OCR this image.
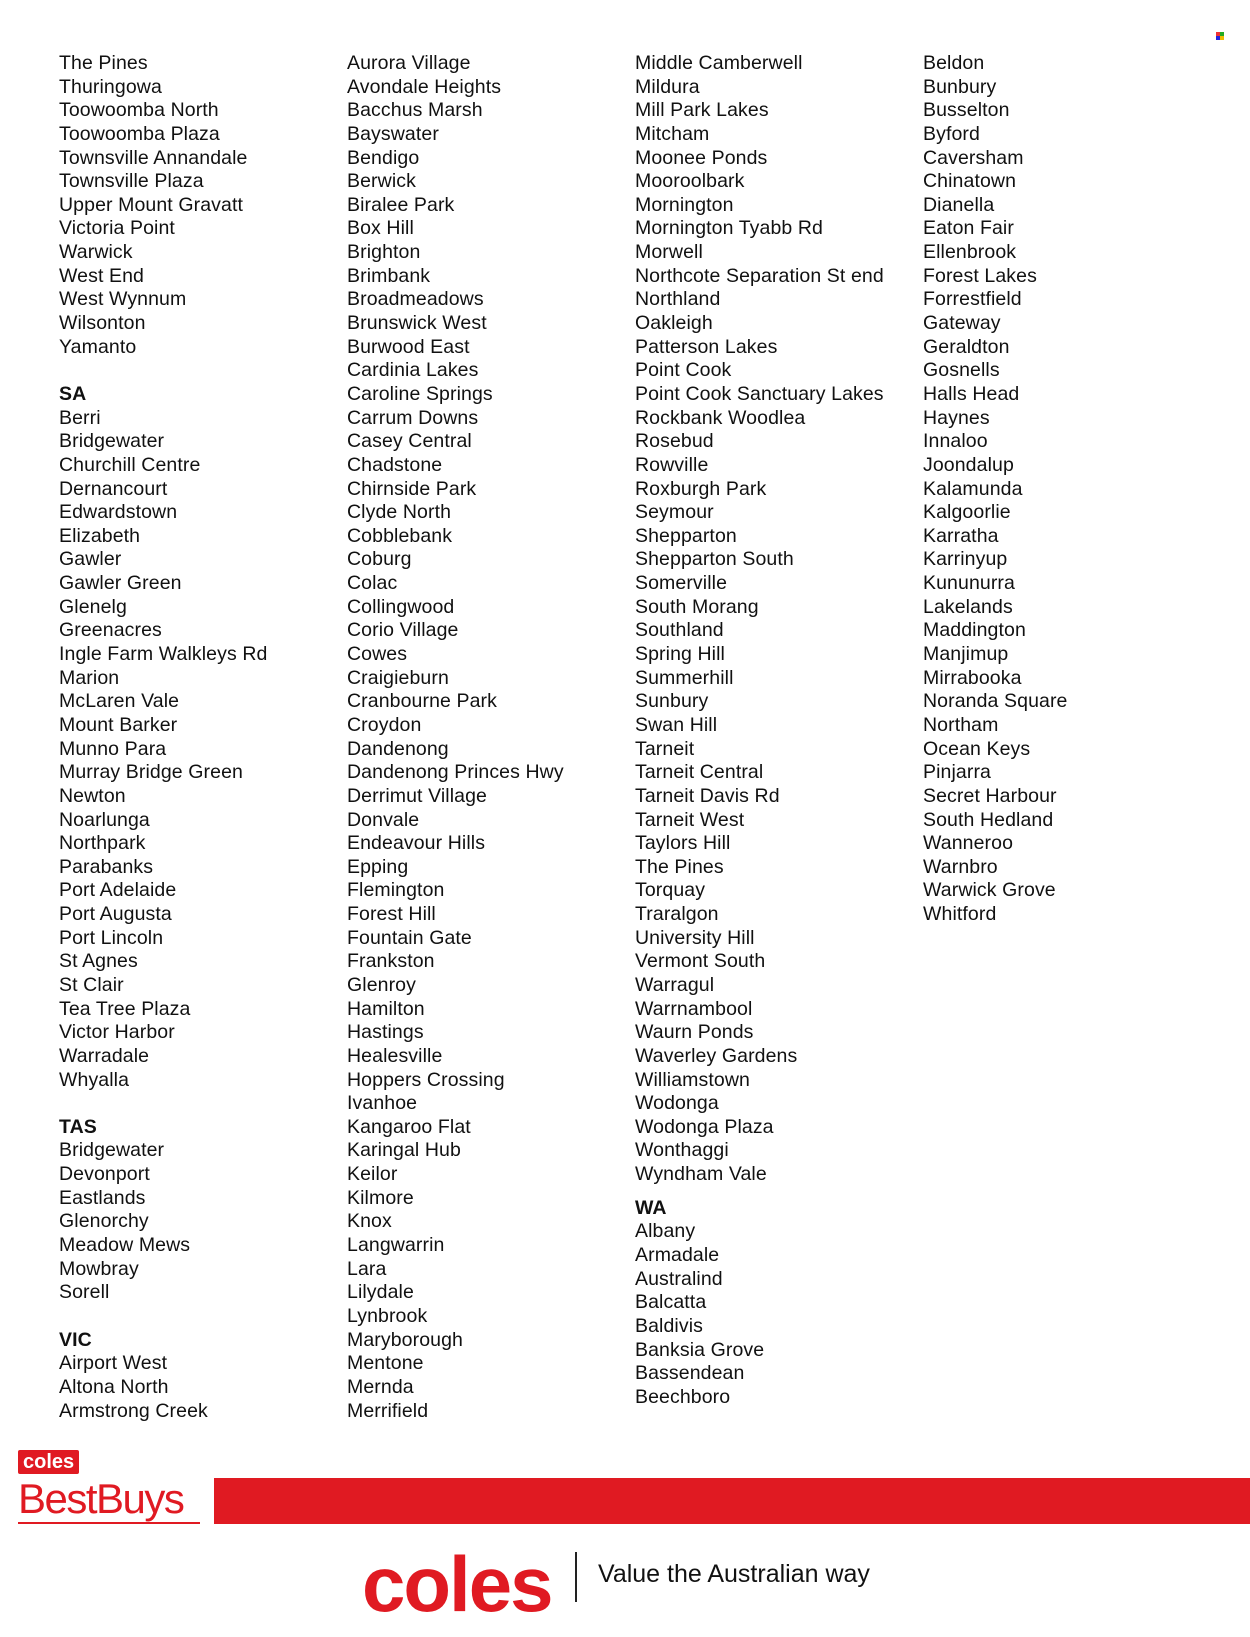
The Pines
Thuringowa
Toowoomba North
Toowoomba Plaza
Townsville Annandale
Townsville Plaza
Upper Mount Gravatt
Victoria Point
Warwick
West End
West Wynnum
Wilsonton
Yamanto
SA
Berri
Bridgewater
Churchill Centre
Dernancourt
Edwardstown
Elizabeth
Gawler
Gawler Green
Glenelg
Greenacres
Ingle Farm Walkleys Rd
Marion
McLaren Vale
Mount Barker
Munno Para
Murray Bridge Green
Newton
Noarlunga
Northpark
Parabanks
Port Adelaide
Port Augusta
Port Lincoln
St Agnes
St Clair
Tea Tree Plaza
Victor Harbor
Warradale
Whyalla
TAS
Bridgewater
Devonport
Eastlands
Glenorchy
Meadow Mews
Mowbray
Sorell
VIC
Airport West
Altona North
Armstrong Creek
Aurora Village
Avondale Heights
Bacchus Marsh
Bayswater
Bendigo
Berwick
Biralee Park
Box Hill
Brighton
Brimbank
Broadmeadows
Brunswick West
Burwood East
Cardinia Lakes
Caroline Springs
Carrum Downs
Casey Central
Chadstone
Chirnside Park
Clyde North
Cobblebank
Coburg
Colac
Collingwood
Corio Village
Cowes
Craigieburn
Cranbourne Park
Croydon
Dandenong
Dandenong Princes Hwy
Derrimut Village
Donvale
Endeavour Hills
Epping
Flemington
Forest Hill
Fountain Gate
Frankston
Glenroy
Hamilton
Hastings
Healesville
Hoppers Crossing
Ivanhoe
Kangaroo Flat
Karingal Hub
Keilor
Kilmore
Knox
Langwarrin
Lara
Lilydale
Lynbrook
Maryborough
Mentone
Mernda
Merrifield
Middle Camberwell
Mildura
Mill Park Lakes
Mitcham
Moonee Ponds
Mooroolbark
Mornington
Mornington Tyabb Rd
Morwell
Northcote Separation St end
Northland
Oakleigh
Patterson Lakes
Point Cook
Point Cook Sanctuary Lakes
Rockbank Woodlea
Rosebud
Rowville
Roxburgh Park
Seymour
Shepparton
Shepparton South
Somerville
South Morang
Southland
Spring Hill
Summerhill
Sunbury
Swan Hill
Tarneit
Tarneit Central
Tarneit Davis Rd
Tarneit West
Taylors Hill
The Pines
Torquay
Traralgon
University Hill
Vermont South
Warragul
Warrnambool
Waurn Ponds
Waverley Gardens
Williamstown
Wodonga
Wodonga Plaza
Wonthaggi
Wyndham Vale
WA
Albany
Armadale
Australind
Balcatta
Baldivis
Banksia Grove
Bassendean
Beechboro
Beldon
Bunbury
Busselton
Byford
Caversham
Chinatown
Dianella
Eaton Fair
Ellenbrook
Forest Lakes
Forrestfield
Gateway
Geraldton
Gosnells
Halls Head
Haynes
Innaloo
Joondalup
Kalamunda
Kalgoorlie
Karratha
Karrinyup
Kununurra
Lakelands
Maddington
Manjimup
Mirrabooka
Noranda Square
Northam
Ocean Keys
Pinjarra
Secret Harbour
South Hedland
Wanneroo
Warnbro
Warwick Grove
Whitford
coles
BestBuys
coles Value the Australian way
